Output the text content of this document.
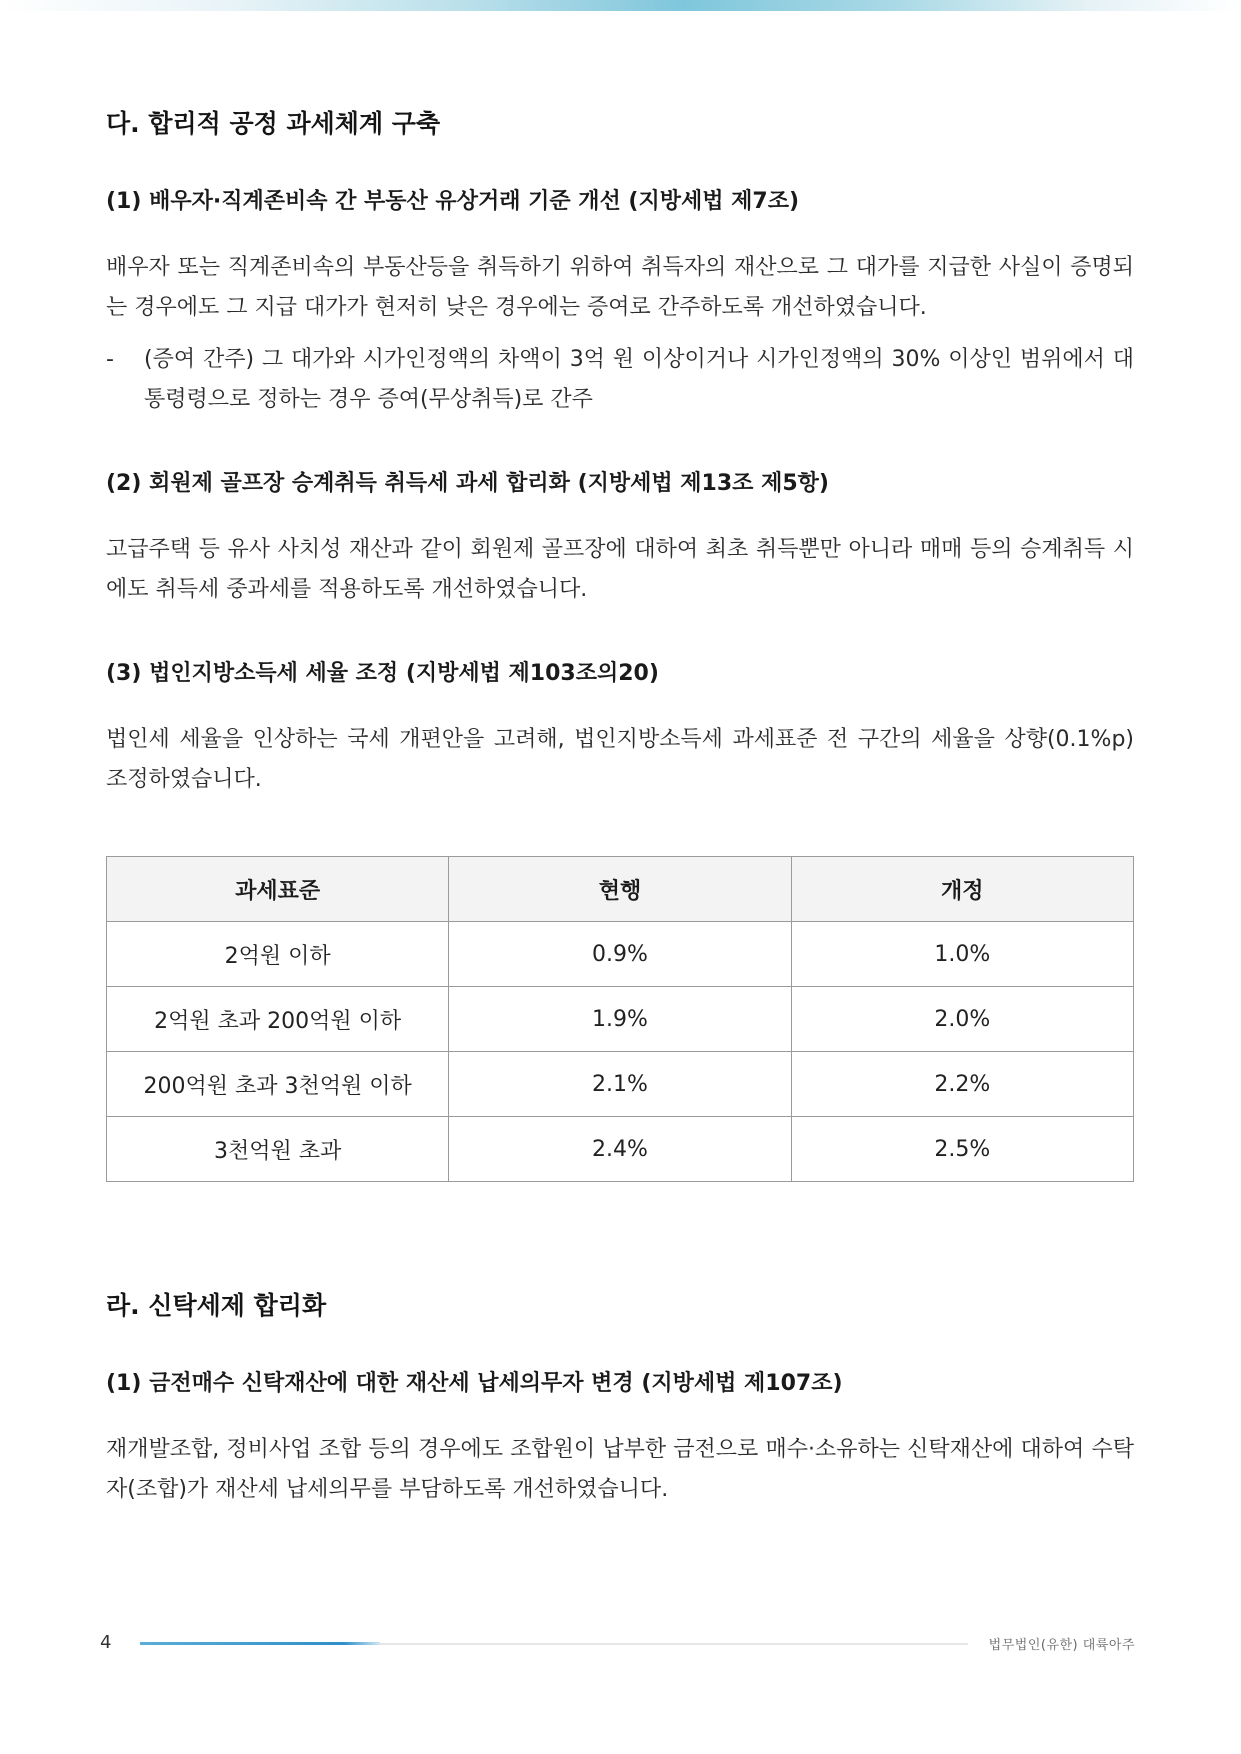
다. 합리적 공정 과세체계 구축
(1) 배우자·직계존비속 간 부동산 유상거래 기준 개선 (지방세법 제7조)

배우자 또는 직계존비속의 부동산등을 취득하기 위하여 취득자의 재산으로 그 대가를 지급한 사실이 증명되는 경우에도 그 지급 대가가 현저히 낮은 경우에는 증여로 간주하도록 개선하였습니다.

- (증여 간주) 그 대가와 시가인정액의 차액이 3억 원 이상이거나 시가인정액의 30% 이상인 범위에서 대통령령으로 정하는 경우 증여(무상취득)로 간주
(2) 회원제 골프장 승계취득 취득세 과세 합리화 (지방세법 제13조 제5항)

고급주택 등 유사 사치성 재산과 같이 회원제 골프장에 대하여 최초 취득뿐만 아니라 매매 등의 승계취득 시에도 취득세 중과세를 적용하도록 개선하였습니다.

(3) 법인지방소득세 세율 조정 (지방세법 제103조의20)

법인세 세율을 인상하는 국세 개편안을 고려해, 법인지방소득세 과세표준 전 구간의 세율을 상향(0.1%p) 조정하였습니다.

과세표준	현행	개정
2억원 이하	0.9%	1.0%
2억원 초과 200억원 이하	1.9%	2.0%
200억원 초과 3천억원 이하	2.1%	2.2%
3천억원 초과	2.4%	2.5%
라. 신탁세제 합리화
(1) 금전매수 신탁재산에 대한 재산세 납세의무자 변경 (지방세법 제107조)

재개발조합, 정비사업 조합 등의 경우에도 조합원이 납부한 금전으로 매수·소유하는 신탁재산에 대하여 수탁자(조합)가 재산세 납세의무를 부담하도록 개선하였습니다.

4	법무법인(유한) 대륙아주
